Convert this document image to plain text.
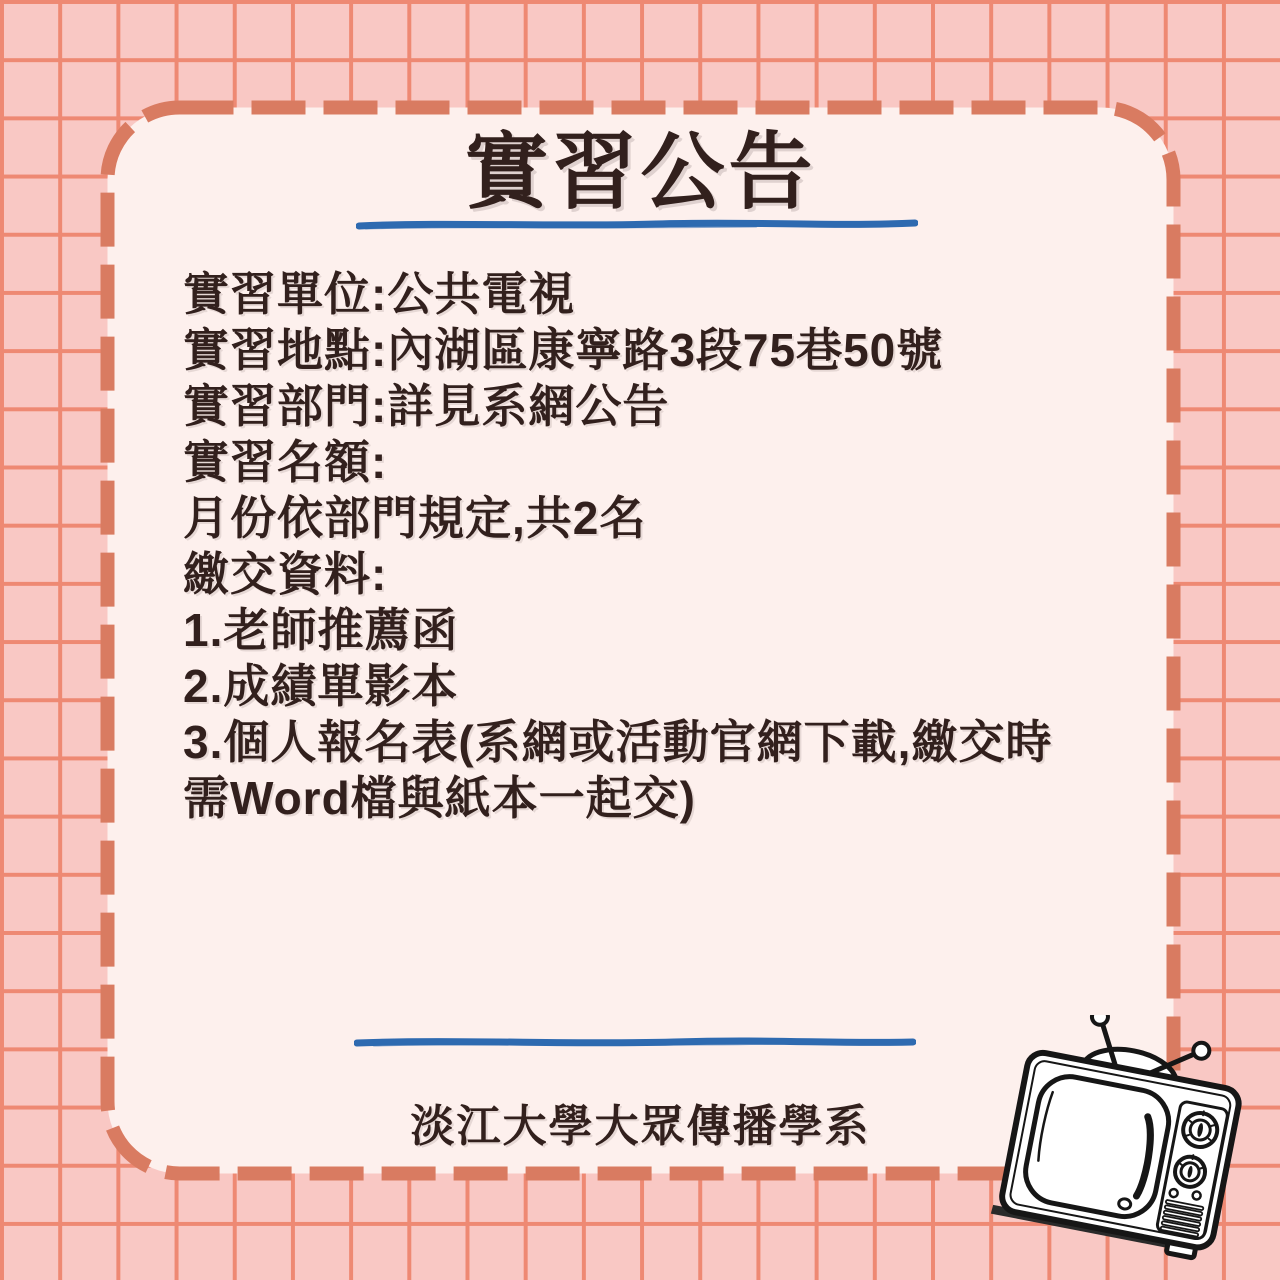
實習公告

實習單位:公共電視

實習地點:內湖區康寧路3段75巷50號

實習部門:詳見系網公告

實習名額:
月份依部門規定,共2名

繳交資料:
1.老師推薦函
2.成績單影本
3.個人報名表(系網或活動官網下載,繳交時需Word檔與紙本一起交)

淡江大學大眾傳播學系
